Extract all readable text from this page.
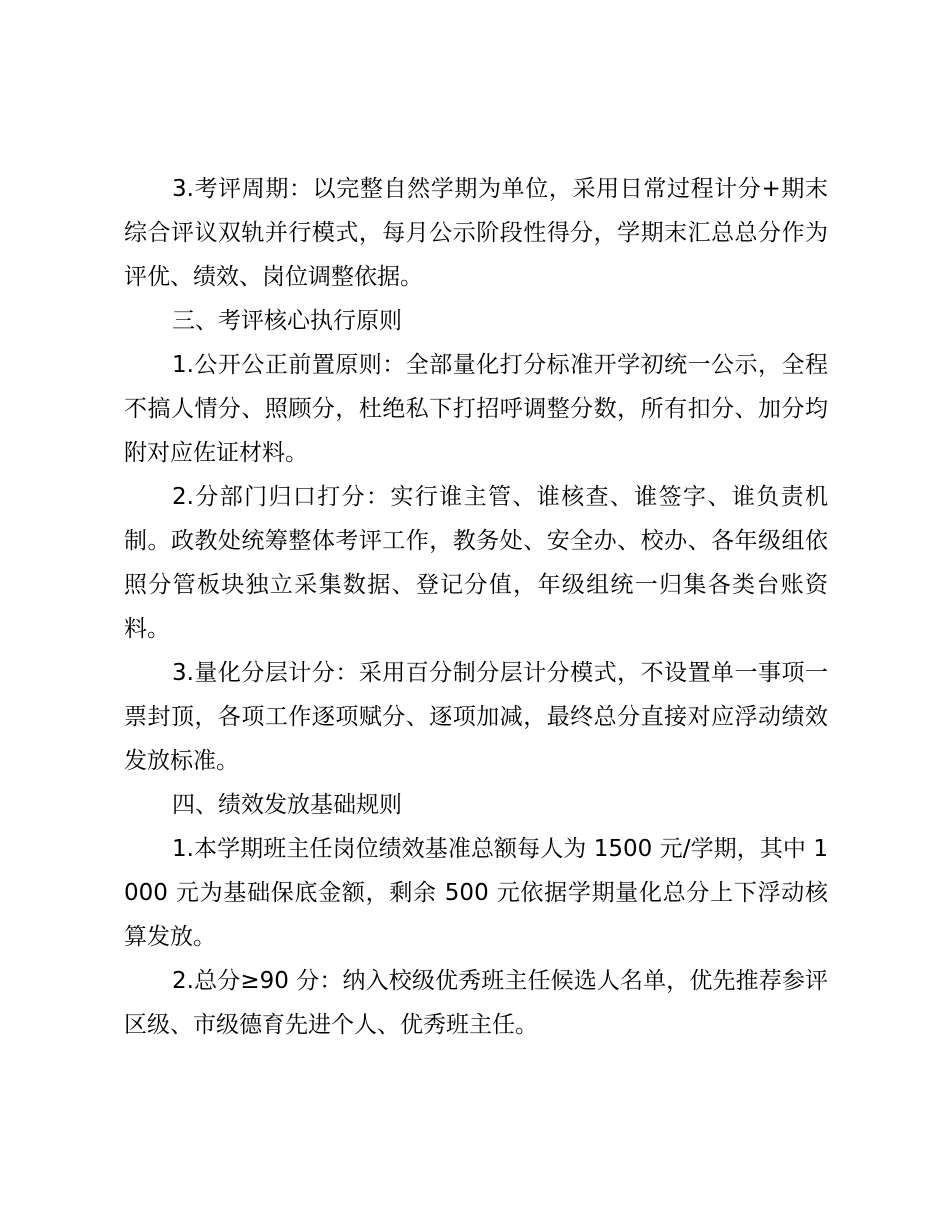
3.考评周期：以完整自然学期为单位，采用日常过程计分+期末综合评议双轨并行模式，每月公示阶段性得分，学期末汇总总分作为评优、绩效、岗位调整依据。

三、考评核心执行原则

1.公开公正前置原则：全部量化打分标准开学初统一公示，全程不搞人情分、照顾分，杜绝私下打招呼调整分数，所有扣分、加分均附对应佐证材料。

2.分部门归口打分：实行谁主管、谁核查、谁签字、谁负责机制。政教处统筹整体考评工作，教务处、安全办、校办、各年级组依照分管板块独立采集数据、登记分值，年级组统一归集各类台账资料。

3.量化分层计分：采用百分制分层计分模式，不设置单一事项一票封顶，各项工作逐项赋分、逐项加减，最终总分直接对应浮动绩效发放标准。

四、绩效发放基础规则

1.本学期班主任岗位绩效基准总额每人为 1500 元/学期，其中 1000 元为基础保底金额，剩余 500 元依据学期量化总分上下浮动核算发放。

2.总分≥90 分：纳入校级优秀班主任候选人名单，优先推荐参评区级、市级德育先进个人、优秀班主任。
